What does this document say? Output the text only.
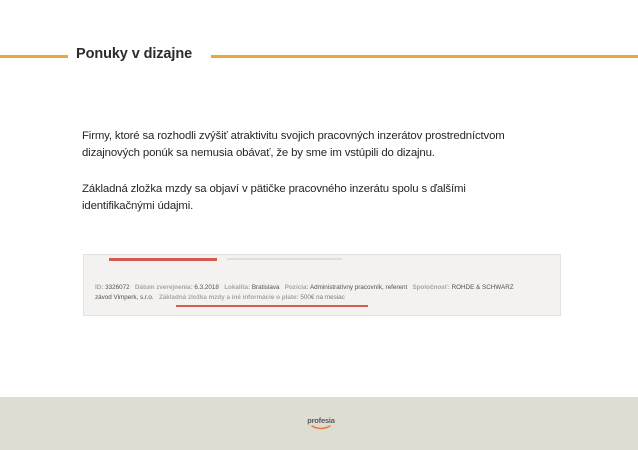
Ponuky v dizajne
Firmy, ktoré sa rozhodli zvýšiť atraktivitu svojich pracovných inzerátov prostredníctvom
dizajnových ponúk sa nemusia obávať, že by sme im vstúpili do dizajnu.
Základná zložka mzdy sa objaví v pätičke pracovného inzerátu spolu s ďalšími
identifikačnými údajmi.
ID: 3326072 Dátum zverejnenia: 6.3.2018 Lokalita: Bratislava Pozícia: Administratívny pracovník, referent Spoločnosť: ROHDE & SCHWARZ
závod Vimperk, s.r.o. Základná zložka mzdy a iné informácie o plate: 500€ na mesiac
profesia
